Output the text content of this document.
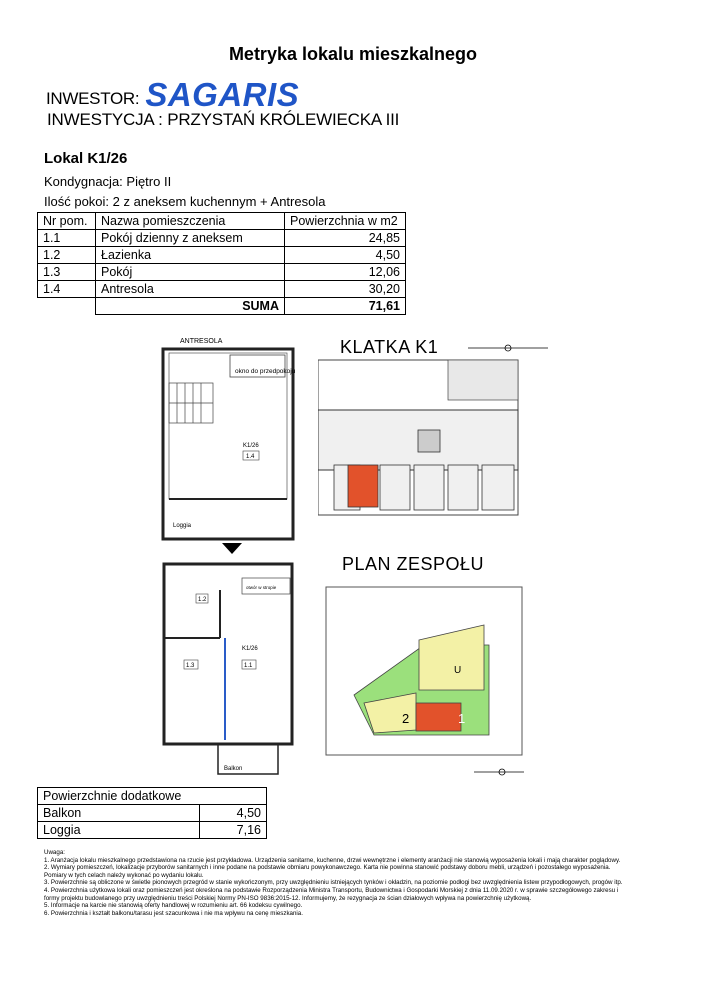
Metryka lokalu mieszkalnego
INWESTOR: SAGARIS
INWESTYCJA : PRZYSTAŃ KRÓLEWIECKA III
Lokal K1/26
Kondygnacja: Piętro II
Ilość pokoi: 2 z aneksem kuchennym + Antresola
Nr pom.	Nazwa pomieszczenia	Powierzchnia w m2
1.1	Pokój dzienny z aneksem	24,85
1.2	Łazienka	4,50
1.3	Pokój	12,06
1.4	Antresola	30,20
	SUMA	71,61
ANTRESOLA
okno do przedpokoju
K1/26
1.4
Loggia
otwór w stropie
1.2
K1/26
1.3	1.1
Balkon
KLATKA K1
PLAN ZESPOŁU
U
2	1
Powierzchnie dodatkowe	
Balkon	4,50
Loggia	7,16
Uwaga:
1. Aranżacja lokalu mieszkalnego przedstawiona na rzucie jest przykładowa. Urządzenia sanitarne, kuchenne, drzwi wewnętrzne i elementy aranżacji nie stanowią wyposażenia lokali i mają charakter poglądowy.
2. Wymiary pomieszczeń, lokalizacje przyborów sanitarnych i inne podane na podstawie obmiaru powykonawczego. Karta nie powinna stanowić podstawy doboru mebli, urządzeń i pozostałego wyposażenia. Pomiary w tych celach należy wykonać po wydaniu lokalu.
3. Powierzchnie są obliczone w świetle pionowych przegród w stanie wykończonym, przy uwzględnieniu istniejących tynków i okładzin, na poziomie podłogi bez uwzględnienia listew przypodłogowych, progów itp.
4. Powierzchnia użytkowa lokali oraz pomieszczeń jest określona na podstawie Rozporządzenia Ministra Transportu, Budownictwa i Gospodarki Morskiej z dnia 11.09.2020 r. w sprawie szczegółowego zakresu i formy projektu budowlanego przy uwzględnieniu treści Polskiej Normy PN-ISO 9836:2015-12. Informujemy, że rezygnacja ze ścian działowych wpływa na powierzchnię użytkową.
5. Informacje na karcie nie stanowią oferty handlowej w rozumieniu art. 66 kodeksu cywilnego.
6. Powierzchnia i kształt balkonu/tarasu jest szacunkowa i nie ma wpływu na cenę mieszkania.
